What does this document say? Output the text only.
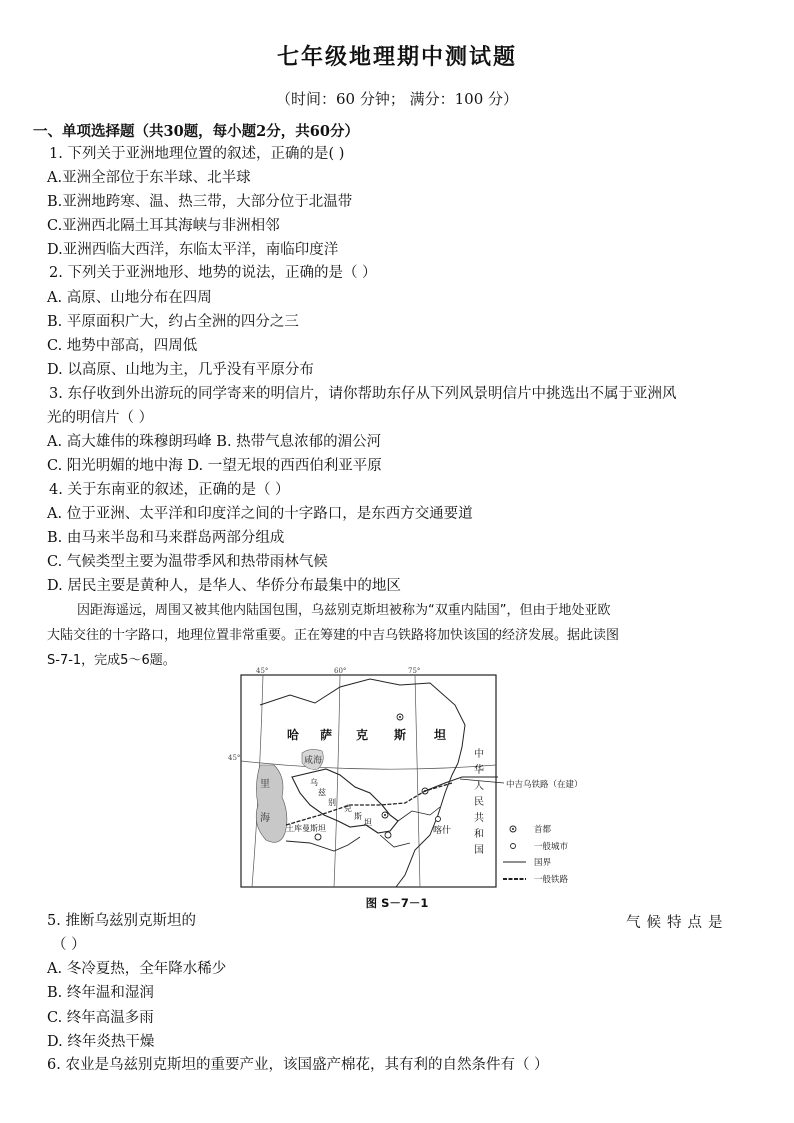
七年级地理期中测试题
（时间：60 分钟； 满分：100 分）
一、单项选择题（共30题，每小题2分，共60分）
1. 下列关于亚洲地理位置的叙述，正确的是( )
A.亚洲全部位于东半球、北半球
B.亚洲地跨寒、温、热三带，大部分位于北温带
C.亚洲西北隔土耳其海峡与非洲相邻
D.亚洲西临大西洋，东临太平洋，南临印度洋
2. 下列关于亚洲地形、地势的说法，正确的是（ ）
A. 高原、山地分布在四周
B. 平原面积广大，约占全洲的四分之三
C. 地势中部高，四周低
D. 以高原、山地为主，几乎没有平原分布
3. 东仔收到外出游玩的同学寄来的明信片，请你帮助东仔从下列风景明信片中挑选出不属于亚洲风
光的明信片（ ）
A. 高大雄伟的珠穆朗玛峰 B. 热带气息浓郁的湄公河
C. 阳光明媚的地中海 D. 一望无垠的西西伯利亚平原
4. 关于东南亚的叙述，正确的是（ ）
A. 位于亚洲、太平洋和印度洋之间的十字路口，是东西方交通要道
B. 由马来半岛和马来群岛两部分组成
C. 气候类型主要为温带季风和热带雨林气候
D. 居民主要是黄种人，是华人、华侨分布最集中的地区
因距海遥远，周围又被其他内陆国包围，乌兹别克斯坦被称为“双重内陆国”，但由于地处亚欧
大陆交往的十字路口，地理位置非常重要。正在筹建的中吉乌铁路将加快该国的经济发展。据此读图
S-7-1，完成5～6题。
45°	60°	75°
45°
哈 萨 克 斯 坦
中
华
人
民
共
和
国
咸海
里
海
乌
兹
别
克
斯
坦
土库曼斯坦	喀什
中吉乌铁路（在建）
首都
一般城市
国界
一般铁路
图 S－7－1
5. 推断乌兹别克斯坦的	气候特点是
（ ）
A. 冬冷夏热，全年降水稀少
B. 终年温和湿润
C. 终年高温多雨
D. 终年炎热干燥
6. 农业是乌兹别克斯坦的重要产业，该国盛产棉花，其有利的自然条件有（ ）
